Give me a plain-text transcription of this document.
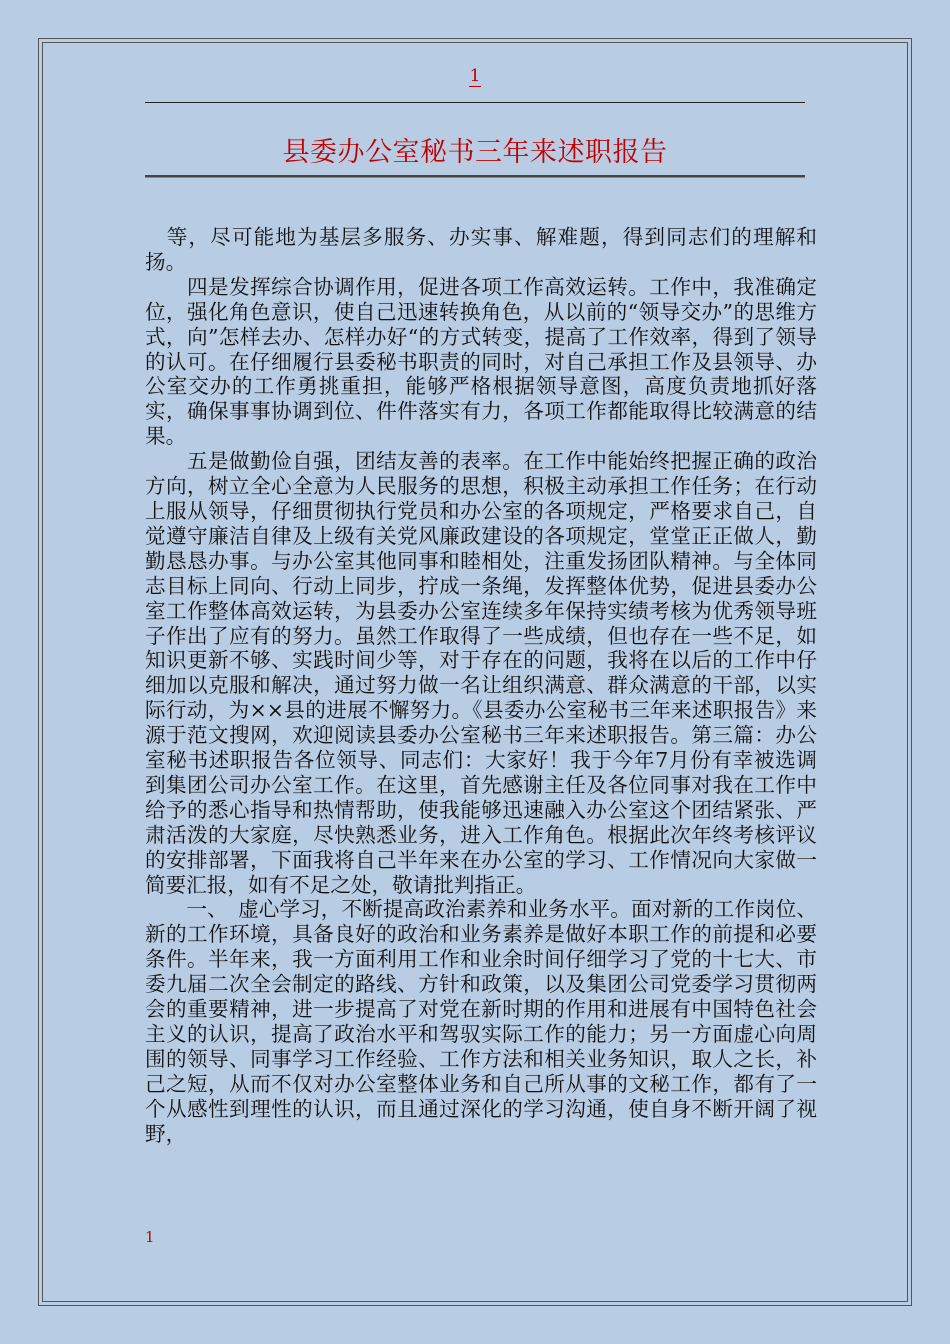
1
县委办公室秘书三年来述职报告

　等，尽可能地为基层多服务、办实事、解难题，得到同志们的理解和扬。

　　四是发挥综合协调作用，促进各项工作高效运转。工作中，我准确定位，强化角色意识，使自己迅速转换角色，从以前的“领导交办”的思维方式，向”怎样去办、怎样办好“的方式转变，提高了工作效率，得到了领导的认可。在仔细履行县委秘书职责的同时，对自己承担工作及县领导、办公室交办的工作勇挑重担，能够严格根据领导意图，高度负责地抓好落实，确保事事协调到位、件件落实有力，各项工作都能取得比较满意的结果。

　　五是做勤俭自强，团结友善的表率。在工作中能始终把握正确的政治方向，树立全心全意为人民服务的思想，积极主动承担工作任务；在行动上服从领导，仔细贯彻执行党员和办公室的各项规定，严格要求自己，自觉遵守廉洁自律及上级有关党风廉政建设的各项规定，堂堂正正做人，勤勤恳恳办事。与办公室其他同事和睦相处，注重发扬团队精神。与全体同志目标上同向、行动上同步，拧成一条绳，发挥整体优势，促进县委办公室工作整体高效运转，为县委办公室连续多年保持实绩考核为优秀领导班子作出了应有的努力。虽然工作取得了一些成绩，但也存在一些不足，如知识更新不够、实践时间少等，对于存在的问题，我将在以后的工作中仔细加以克服和解决，通过努力做一名让组织满意、群众满意的干部，以实际行动，为××县的进展不懈努力。《县委办公室秘书三年来述职报告》来源于范文搜网，欢迎阅读县委办公室秘书三年来述职报告。第三篇：办公室秘书述职报告各位领导、同志们：大家好！我于今年7月份有幸被选调到集团公司办公室工作。在这里，首先感谢主任及各位同事对我在工作中给予的悉心指导和热情帮助，使我能够迅速融入办公室这个团结紧张、严肃活泼的大家庭，尽快熟悉业务，进入工作角色。根据此次年终考核评议的安排部署，下面我将自己半年来在办公室的学习、工作情况向大家做一简要汇报，如有不足之处，敬请批判指正。

　　一、　虚心学习，不断提高政治素养和业务水平。面对新的工作岗位、新的工作环境，具备良好的政治和业务素养是做好本职工作的前提和必要条件。半年来，我一方面利用工作和业余时间仔细学习了党的十七大、市委九届二次全会制定的路线、方针和政策，以及集团公司党委学习贯彻两会的重要精神，进一步提高了对党在新时期的作用和进展有中国特色社会主义的认识，提高了政治水平和驾驭实际工作的能力；另一方面虚心向周围的领导、同事学习工作经验、工作方法和相关业务知识，取人之长，补己之短，从而不仅对办公室整体业务和自己所从事的文秘工作，都有了一个从感性到理性的认识，而且通过深化的学习沟通，使自身不断开阔了视野，

1
